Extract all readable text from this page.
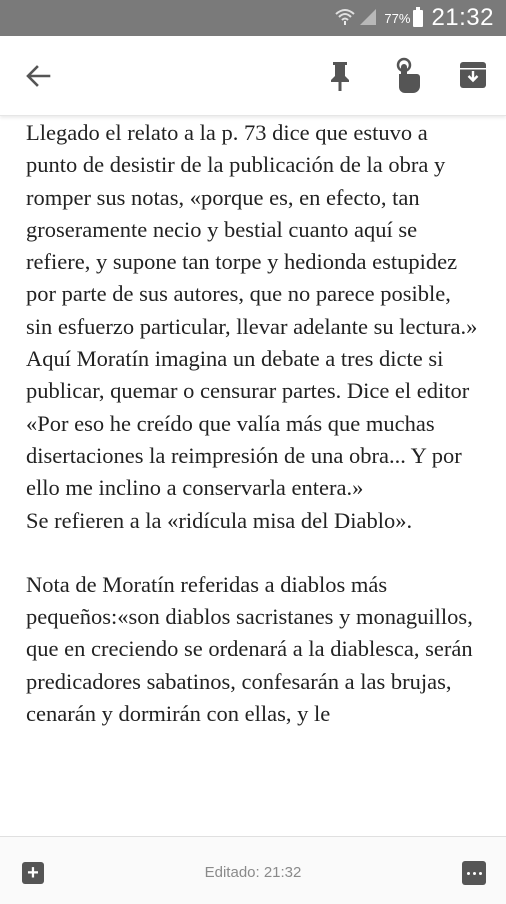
77% 21:32

Llegado el relato a la p. 73 dice que estuvo a punto de desistir de la publicación de la obra y romper sus notas, «porque es, en efecto, tan groseramente necio y bestial cuanto aquí se refiere, y supone tan torpe y hedionda estupidez por parte de sus autores, que no parece posible, sin esfuerzo particular, llevar adelante su lectura.»

Aquí Moratín imagina un debate a tres dicte si publicar, quemar o censurar partes. Dice el editor «Por eso he creído que valía más que muchas disertaciones la reimpresión de una obra... Y por ello me inclino a conservarla entera.»

Se refieren a la «ridícula misa del Diablo».

Nota de Moratín referidas a diablos más pequeños:«son diablos sacristanes y monaguillos, que en creciendo se ordenará a la diablesca, serán predicadores sabatinos, confesarán a las brujas, cenarán y dormirán con ellas, y le

+	Editado: 21:32
